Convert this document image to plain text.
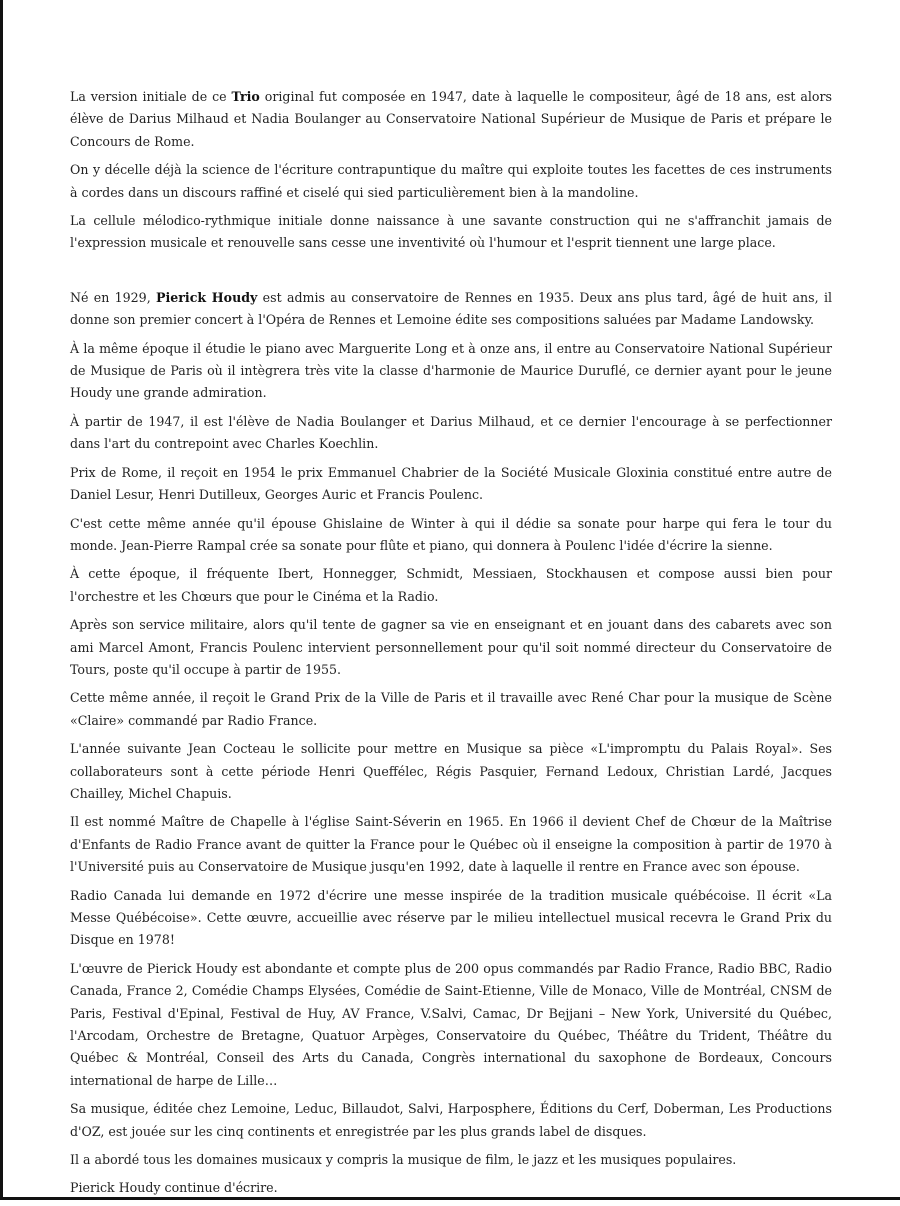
La version initiale de ce Trio original fut composée en 1947, date à laquelle le compositeur, âgé de 18 ans, est alors élève de Darius Milhaud et Nadia Boulanger au Conservatoire National Supérieur de Musique de Paris et prépare le Concours de Rome.

On y décelle déjà la science de l'écriture contrapuntique du maître qui exploite toutes les facettes de ces instruments à cordes dans un discours raffiné et ciselé qui sied particulièrement bien à la mandoline.

La cellule mélodico-rythmique initiale donne naissance à une savante construction qui ne s'affranchit jamais de l'expression musicale et renouvelle sans cesse une inventivité où l'humour et l'esprit tiennent une large place.

Né en 1929, Pierick Houdy est admis au conservatoire de Rennes en 1935. Deux ans plus tard, âgé de huit ans, il donne son premier concert à l'Opéra de Rennes et Lemoine édite ses compositions saluées par Madame Landowsky.

À la même époque il étudie le piano avec Marguerite Long et à onze ans, il entre au Conservatoire National Supérieur de Musique de Paris où il intègrera très vite la classe d'harmonie de Maurice Duruflé, ce dernier ayant pour le jeune Houdy une grande admiration.

À partir de 1947, il est l'élève de Nadia Boulanger et Darius Milhaud, et ce dernier l'encourage à se perfectionner dans l'art du contrepoint avec Charles Koechlin.

Prix de Rome, il reçoit en 1954 le prix Emmanuel Chabrier de la Société Musicale Gloxinia constitué entre autre de Daniel Lesur, Henri Dutilleux, Georges Auric et Francis Poulenc.

C'est cette même année qu'il épouse Ghislaine de Winter à qui il dédie sa sonate pour harpe qui fera le tour du monde. Jean-Pierre Rampal crée sa sonate pour flûte et piano, qui donnera à Poulenc l'idée d'écrire la sienne.

À cette époque, il fréquente Ibert, Honnegger, Schmidt, Messiaen, Stockhausen et compose aussi bien pour l'orchestre et les Chœurs que pour le Cinéma et la Radio.

Après son service militaire, alors qu'il tente de gagner sa vie en enseignant et en jouant dans des cabarets avec son ami Marcel Amont, Francis Poulenc intervient personnellement pour qu'il soit nommé directeur du Conservatoire de Tours, poste qu'il occupe à partir de 1955.

Cette même année, il reçoit le Grand Prix de la Ville de Paris et il travaille avec René Char pour la musique de Scène «Claire» commandé par Radio France.

L'année suivante Jean Cocteau le sollicite pour mettre en Musique sa pièce «L'impromptu du Palais Royal». Ses collaborateurs sont à cette période Henri Queffélec, Régis Pasquier, Fernand Ledoux, Christian Lardé, Jacques Chailley, Michel Chapuis.

Il est nommé Maître de Chapelle à l'église Saint-Séverin en 1965. En 1966 il devient Chef de Chœur de la Maîtrise d'Enfants de Radio France avant de quitter la France pour le Québec où il enseigne la composition à partir de 1970 à l'Université puis au Conservatoire de Musique jusqu'en 1992, date à laquelle il rentre en France avec son épouse.

Radio Canada lui demande en 1972 d'écrire une messe inspirée de la tradition musicale québécoise. Il écrit «La Messe Québécoise». Cette œuvre, accueillie avec réserve par le milieu intellectuel musical recevra le Grand Prix du Disque en 1978!

L'œuvre de Pierick Houdy est abondante et compte plus de 200 opus commandés par Radio France, Radio BBC, Radio Canada, France 2, Comédie Champs Elysées, Comédie de Saint-Etienne, Ville de Monaco, Ville de Montréal, CNSM de Paris, Festival d'Epinal, Festival de Huy, AV France, V.Salvi, Camac, Dr Bejjani – New York, Université du Québec, l'Arcodam, Orchestre de Bretagne, Quatuor Arpèges, Conservatoire du Québec, Théâtre du Trident, Théâtre du Québec & Montréal, Conseil des Arts du Canada, Congrès international du saxophone de Bordeaux, Concours international de harpe de Lille…

Sa musique, éditée chez Lemoine, Leduc, Billaudot, Salvi, Harposphere, Éditions du Cerf, Doberman, Les Productions d'OZ, est jouée sur les cinq continents et enregistrée par les plus grands label de disques.

Il a abordé tous les domaines musicaux y compris la musique de film, le jazz et les musiques populaires.

Pierick Houdy continue d'écrire.
